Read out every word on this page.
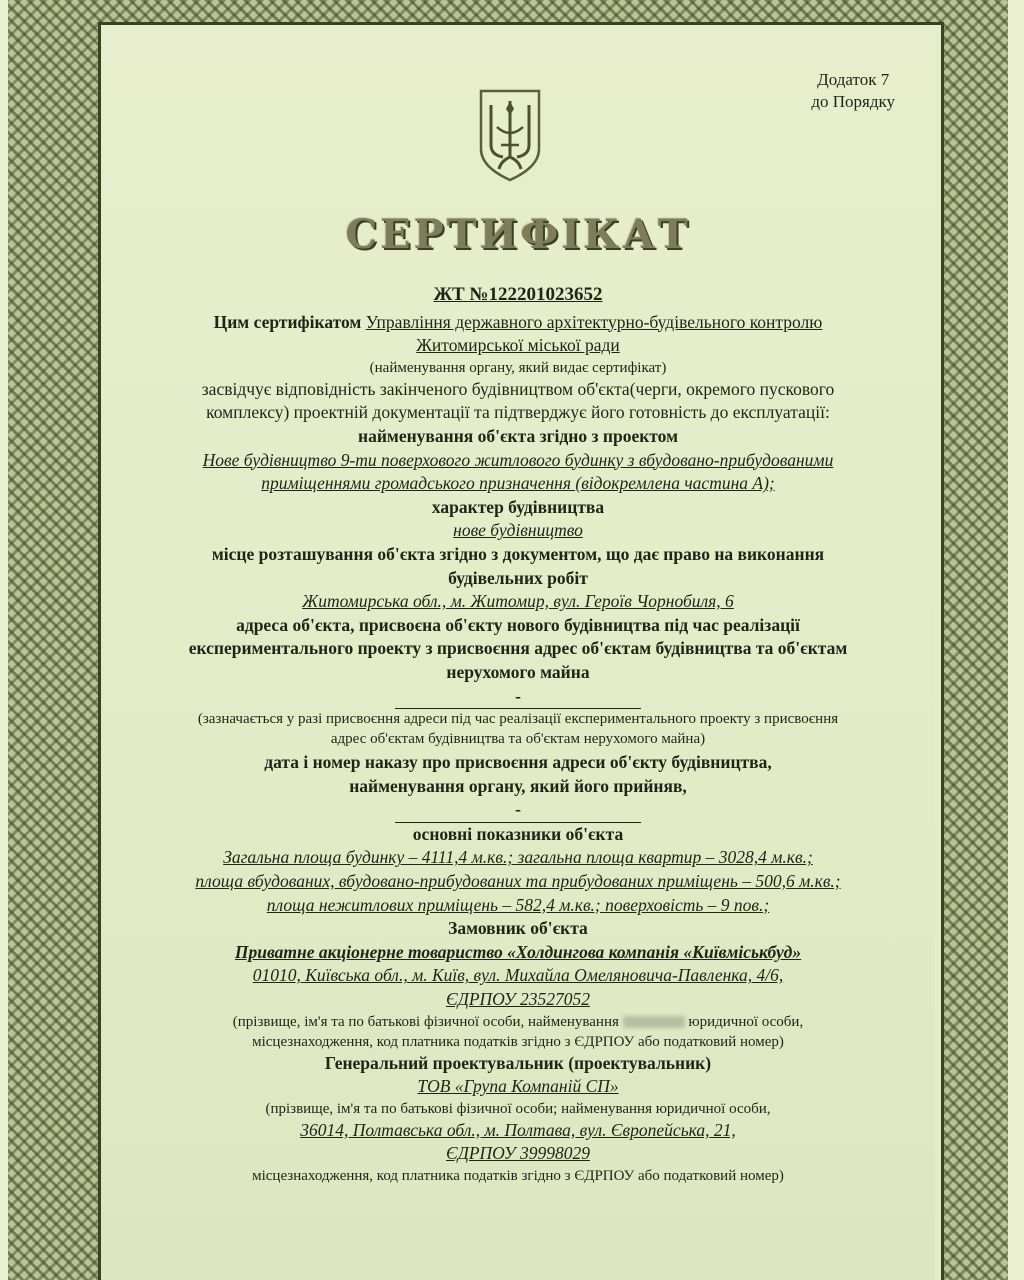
Додаток 7
до Порядку
СЕРТИФІКАТ
ЖТ №122201023652
Цим сертифікатом Управління державного архітектурно-будівельного контролю
Житомирської міської ради
(найменування органу, який видає сертифікат)
засвідчує відповідність закінченого будівництвом об'єкта(черги, окремого пускового
комплексу) проектній документації та підтверджує його готовність до експлуатації:
найменування об'єкта згідно з проектом
Нове будівництво 9-ти поверхового житлового будинку з вбудовано-прибудованими
приміщеннями громадського призначення (відокремлена частина А);
характер будівництва
нове будівництво
місце розташування об'єкта згідно з документом, що дає право на виконання
будівельних робіт
Житомирська обл., м. Житомир, вул. Героїв Чорнобиля, 6
адреса об'єкта, присвоєна об'єкту нового будівництва під час реалізації
експериментального проекту з присвоєння адрес об'єктам будівництва та об'єктам
нерухомого майна
-
(зазначається у разі присвоєння адреси під час реалізації експериментального проекту з присвоєння
адрес об'єктам будівництва та об'єктам нерухомого майна)
дата і номер наказу про присвоєння адреси об'єкту будівництва,
найменування органу, який його прийняв,
-
основні показники об'єкта
Загальна площа будинку – 4111,4 м.кв.; загальна площа квартир – 3028,4 м.кв.;
площа вбудованих, вбудовано-прибудованих та прибудованих приміщень – 500,6 м.кв.;
площа нежитлових приміщень – 582,4 м.кв.; поверховість – 9 пов.;
Замовник об'єкта
Приватне акціонерне товариство «Холдингова компанія «Київміськбуд»
01010, Київська обл., м. Київ, вул. Михайла Омеляновича-Павленка, 4/6,
ЄДРПОУ 23527052
(прізвище, ім'я та по батькові фізичної особи, найменування	юридичної особи,
місцезнаходження, код платника податків згідно з ЄДРПОУ або податковий номер)
Генеральний проектувальник (проектувальник)
ТОВ «Група Компаній СП»
(прізвище, ім'я та по батькові фізичної особи; найменування юридичної особи,
36014, Полтавська обл., м. Полтава, вул. Європейська, 21,
ЄДРПОУ 39998029
місцезнаходження, код платника податків згідно з ЄДРПОУ або податковий номер)
